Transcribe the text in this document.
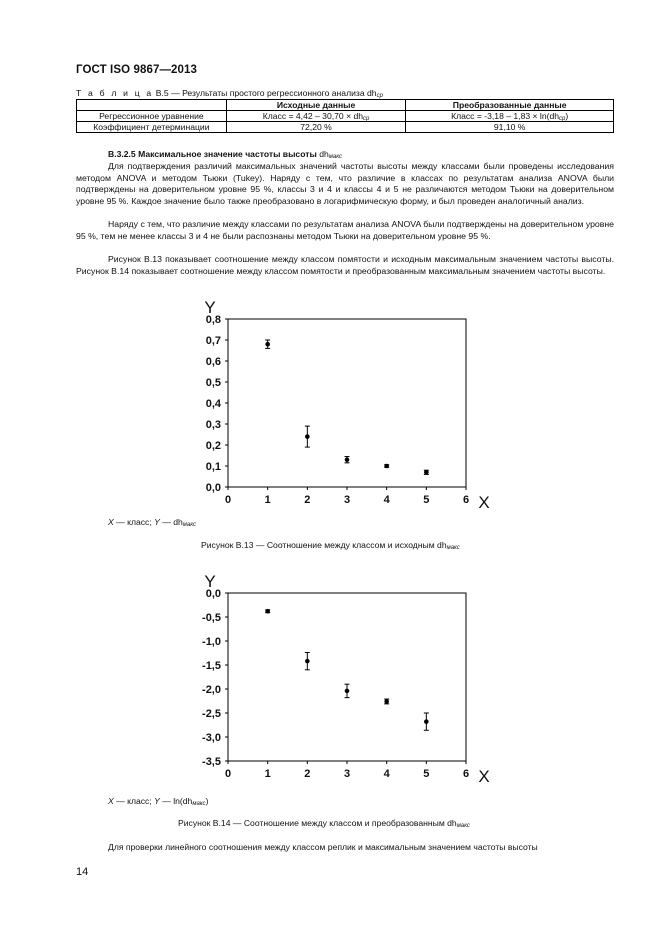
ГОСТ ISO 9867—2013
Т а б л и ц а В.5 — Результаты простого регрессионного анализа $dh_{ср}$
	Исходные данные	Преобразованные данные
Регрессионное уравнение	Класс = $4,42 - 30,70 \times dh_{ср}$	Класс = $-3,18 - 1,83 \times \ln(dh_{ср})$
Коэффициент детерминации	72,20 %	91,10 %
В.3.2.5 Максимальное значение частоты высоты $dh_{макс}$
Для подтверждения различий максимальных значений частоты высоты между классами были проведены исследования методом ANOVA и методом Тьюки (Tukey). Наряду с тем, что различие в классах по результатам анализа ANOVA были подтверждены на доверительном уровне 95 %, классы 3 и 4 и классы 4 и 5 не различаются методом Тьюки на доверительном уровне 95 %. Каждое значение было также преобразовано в логарифмическую форму, и был проведен аналогичный анализ.
Наряду с тем, что различие между классами по результатам анализа ANOVA были подтверждены на доверительном уровне 95 %, тем не менее классы 3 и 4 не были распознаны методом Тьюки на доверительном уровне 95 %.
Рисунок В.13 показывает соотношение между классом помятости и исходным максимальным значением частоты высоты. Рисунок В.14 показывает соотношение между классом помятости и преобразованным максимальным значением частоты высоты.
0,0
0,1
0,2
0,3
0,4
0,5
0,6
0,7
0,8
0	1	2	3	4	5	6
Y
X
X — класс; Y — $dh_{макс}$
Рисунок В.13 — Соотношение между классом и исходным $dh_{макс}$
-3,5
-3,0
-2,5
-2,0
-1,5
-1,0
-0,5
0,0
0	1	2	3	4	5	6
Y
X
X — класс; Y — $\ln(dh_{макс})$
Рисунок В.14 — Соотношение между классом и преобразованным $dh_{макс}$
Для проверки линейного соотношения между классом реплик и максимальным значением частоты высоты
14
